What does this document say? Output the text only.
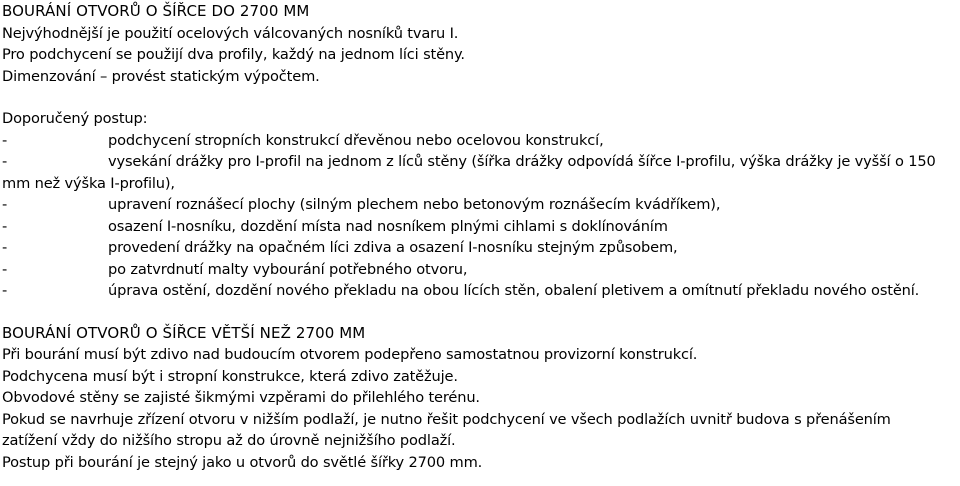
BOURÁNÍ OTVORŮ O ŠÍŘCE DO 2700 MM
Nejvýhodnější je použití ocelových válcovaných nosníků tvaru I.
Pro podchycení se použijí dva profily, každý na jednom líci stěny.
Dimenzování – provést statickým výpočtem.
Doporučený postup:
-	podchycení stropních konstrukcí dřevěnou nebo ocelovou konstrukcí,
-	vysekání drážky pro I-profil na jednom z líců stěny (šířka drážky odpovídá šířce I-profilu, výška drážky je vyšší o 150
mm než výška I-profilu),
-	upravení roznášecí plochy (silným plechem nebo betonovým roznášecím kvádříkem),
-	osazení I-nosníku, dozdění místa nad nosníkem plnými cihlami s doklínováním
-	provedení drážky na opačném líci zdiva a osazení I-nosníku stejným způsobem,
-	po zatvrdnutí malty vybourání potřebného otvoru,
-	úprava ostění, dozdění nového překladu na obou lících stěn, obalení pletivem a omítnutí překladu nového ostění.
BOURÁNÍ OTVORŮ O ŠÍŘCE VĚTŠÍ NEŽ 2700 MM
Při bourání musí být zdivo nad budoucím otvorem podepřeno samostatnou provizorní konstrukcí.
Podchycena musí být i stropní konstrukce, která zdivo zatěžuje.
Obvodové stěny se zajisté šikmými vzpěrami do přilehlého terénu.
Pokud se navrhuje zřízení otvoru v nižším podlaží, je nutno řešit podchycení ve všech podlažích uvnitř budova s přenášením
zatížení vždy do nižšího stropu až do úrovně nejnižšího podlaží.
Postup při bourání je stejný jako u otvorů do světlé šířky 2700 mm.
